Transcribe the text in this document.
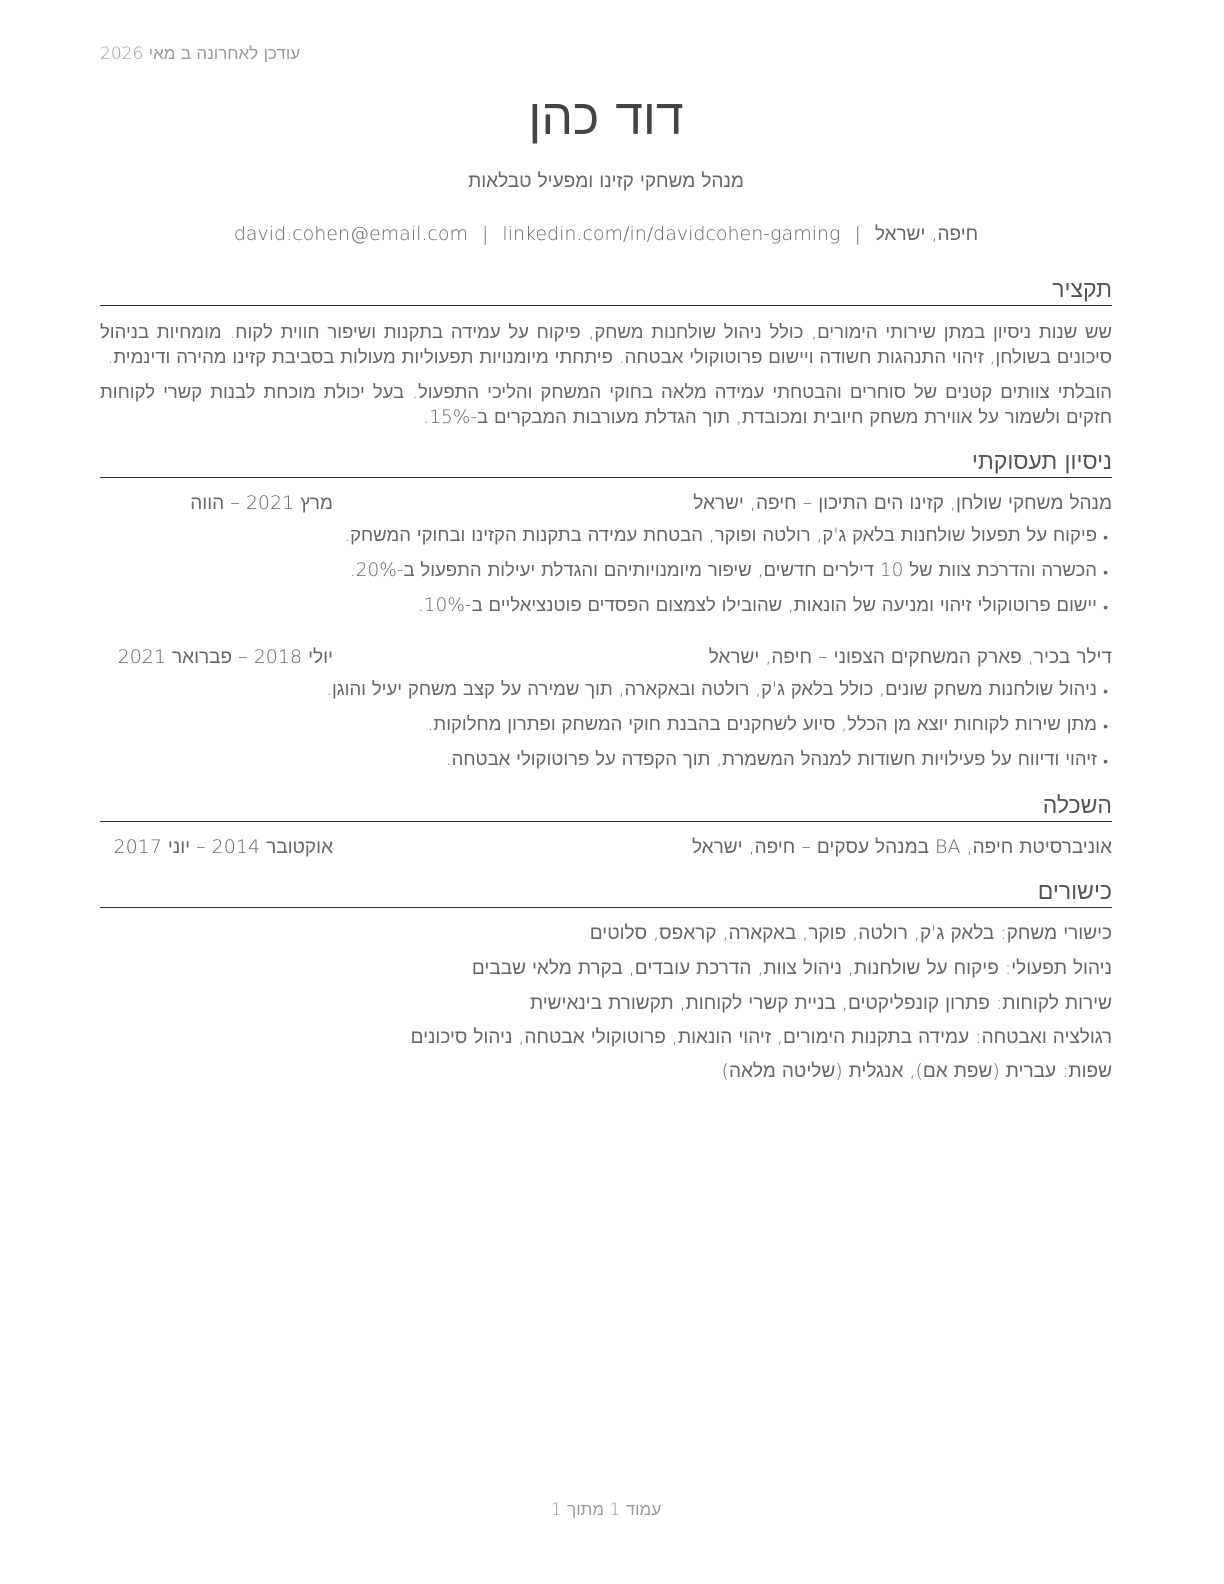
עודכן לאחרונה ב מאי 2026
דוד כהן
מנהל משחקי קזינו ומפעיל טבלאות
חיפה, ישראל|david.cohen@email.com | linkedin.com/in/davidcohen-gaming
תקציר
שש שנות ניסיון במתן שירותי הימורים, כולל ניהול שולחנות משחק, פיקוח על עמידה בתקנות ושיפור חווית לקוח. מומחיות בניהול סיכונים בשולחן, זיהוי התנהגות חשודה ויישום פרוטוקולי אבטחה. פיתחתי מיומנויות תפעוליות מעולות בסביבת קזינו מהירה ודינמית.
הובלתי צוותים קטנים של סוחרים והבטחתי עמידה מלאה בחוקי המשחק והליכי התפעול. בעל יכולת מוכחת לבנות קשרי לקוחות חזקים ולשמור על אווירת משחק חיובית ומכובדת, תוך הגדלת מעורבות המבקרים ב-15%.
ניסיון תעסוקתי
מנהל משחקי שולחן, קזינו הים התיכון – חיפה, ישראל
מרץ 2021 – הווה
•
פיקוח על תפעול שולחנות בלאק ג'ק, רולטה ופוקר, הבטחת עמידה בתקנות הקזינו ובחוקי המשחק.
•
הכשרה והדרכת צוות של 10 דילרים חדשים, שיפור מיומנויותיהם והגדלת יעילות התפעול ב-20%.
•
יישום פרוטוקולי זיהוי ומניעה של הונאות, שהובילו לצמצום הפסדים פוטנציאליים ב-10%.
דילר בכיר, פארק המשחקים הצפוני – חיפה, ישראל
יולי 2018 – פברואר 2021
•
ניהול שולחנות משחק שונים, כולל בלאק ג'ק, רולטה ובאקארה, תוך שמירה על קצב משחק יעיל והוגן.
•
מתן שירות לקוחות יוצא מן הכלל, סיוע לשחקנים בהבנת חוקי המשחק ופתרון מחלוקות.
•
זיהוי ודיווח על פעילויות חשודות למנהל המשמרת, תוך הקפדה על פרוטוקולי אבטחה.
השכלה
אוניברסיטת חיפה, BA במנהל עסקים – חיפה, ישראל
אוקטובר 2014 – יוני 2017
כישורים
כישורי משחק: בלאק ג'ק, רולטה, פוקר, באקארה, קראפס, סלוטים
ניהול תפעולי: פיקוח על שולחנות, ניהול צוות, הדרכת עובדים, בקרת מלאי שבבים
שירות לקוחות: פתרון קונפליקטים, בניית קשרי לקוחות, תקשורת בינאישית
רגולציה ואבטחה: עמידה בתקנות הימורים, זיהוי הונאות, פרוטוקולי אבטחה, ניהול סיכונים
שפות: עברית (שפת אם), אנגלית (שליטה מלאה)
עמוד 1 מתוך 1
